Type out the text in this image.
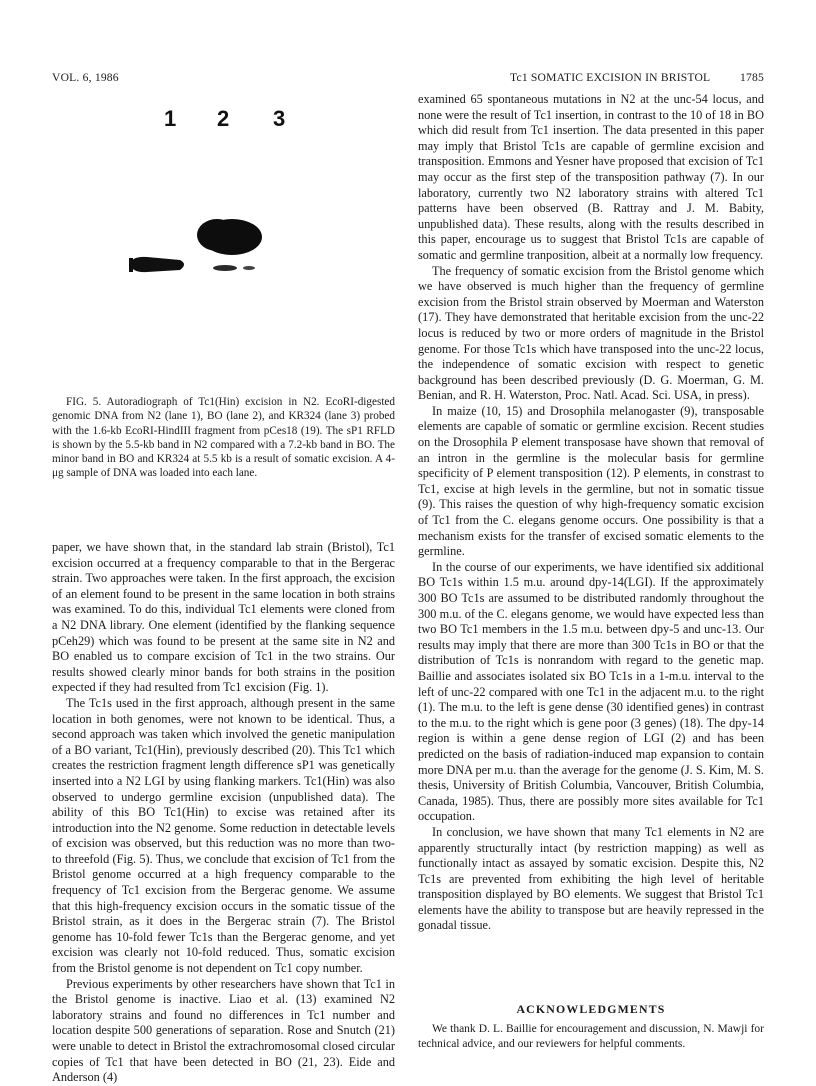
VOL. 6, 1986	Tc1 SOMATIC EXCISION IN BRISTOL	1785
1 2 3
FIG. 5. Autoradiograph of Tc1(Hin) excision in N2. EcoRI-digested genomic DNA from N2 (lane 1), BO (lane 2), and KR324 (lane 3) probed with the 1.6-kb EcoRI-HindIII fragment from pCes18 (19). The sP1 RFLD is shown by the 5.5-kb band in N2 compared with a 7.2-kb band in BO. The minor band in BO and KR324 at 5.5 kb is a result of somatic excision. A 4-μg sample of DNA was loaded into each lane.

paper, we have shown that, in the standard lab strain (Bristol), Tc1 excision occurred at a frequency comparable to that in the Bergerac strain. Two approaches were taken. In the first approach, the excision of an element found to be present in the same location in both strains was examined. To do this, individual Tc1 elements were cloned from a N2 DNA library. One element (identified by the flanking sequence pCeh29) which was found to be present at the same site in N2 and BO enabled us to compare excision of Tc1 in the two strains. Our results showed clearly minor bands for both strains in the position expected if they had resulted from Tc1 excision (Fig. 1).

The Tc1s used in the first approach, although present in the same location in both genomes, were not known to be identical. Thus, a second approach was taken which involved the genetic manipulation of a BO variant, Tc1(Hin), previously described (20). This Tc1 which creates the restriction fragment length difference sP1 was genetically inserted into a N2 LGI by using flanking markers. Tc1(Hin) was also observed to undergo germline excision (unpublished data). The ability of this BO Tc1(Hin) to excise was retained after its introduction into the N2 genome. Some reduction in detectable levels of excision was observed, but this reduction was no more than two- to threefold (Fig. 5). Thus, we conclude that excision of Tc1 from the Bristol genome occurred at a high frequency comparable to the frequency of Tc1 excision from the Bergerac genome. We assume that this high-frequency excision occurs in the somatic tissue of the Bristol strain, as it does in the Bergerac strain (7). The Bristol genome has 10-fold fewer Tc1s than the Bergerac genome, and yet excision was clearly not 10-fold reduced. Thus, somatic excision from the Bristol genome is not dependent on Tc1 copy number.

Previous experiments by other researchers have shown that Tc1 in the Bristol genome is inactive. Liao et al. (13) examined N2 laboratory strains and found no differences in Tc1 number and location despite 500 generations of separation. Rose and Snutch (21) were unable to detect in Bristol the extrachromosomal closed circular copies of Tc1 that have been detected in BO (21, 23). Eide and Anderson (4)

examined 65 spontaneous mutations in N2 at the unc-54 locus, and none were the result of Tc1 insertion, in contrast to the 10 of 18 in BO which did result from Tc1 insertion. The data presented in this paper may imply that Bristol Tc1s are capable of germline excision and transposition. Emmons and Yesner have proposed that excision of Tc1 may occur as the first step of the transposition pathway (7). In our laboratory, currently two N2 laboratory strains with altered Tc1 patterns have been observed (B. Rattray and J. M. Babity, unpublished data). These results, along with the results described in this paper, encourage us to suggest that Bristol Tc1s are capable of somatic and germline tranposition, albeit at a normally low frequency.

The frequency of somatic excision from the Bristol genome which we have observed is much higher than the frequency of germline excision from the Bristol strain observed by Moerman and Waterston (17). They have demonstrated that heritable excision from the unc-22 locus is reduced by two or more orders of magnitude in the Bristol genome. For those Tc1s which have transposed into the unc-22 locus, the independence of somatic excision with respect to genetic background has been described previously (D. G. Moerman, G. M. Benian, and R. H. Waterston, Proc. Natl. Acad. Sci. USA, in press).

In maize (10, 15) and Drosophila melanogaster (9), transposable elements are capable of somatic or germline excision. Recent studies on the Drosophila P element transposase have shown that removal of an intron in the germline is the molecular basis for germline specificity of P element transposition (12). P elements, in constrast to Tc1, excise at high levels in the germline, but not in somatic tissue (9). This raises the question of why high-frequency somatic excision of Tc1 from the C. elegans genome occurs. One possibility is that a mechanism exists for the transfer of excised somatic elements to the germline.

In the course of our experiments, we have identified six additional BO Tc1s within 1.5 m.u. around dpy-14(LGI). If the approximately 300 BO Tc1s are assumed to be distributed randomly throughout the 300 m.u. of the C. elegans genome, we would have expected less than two BO Tc1 members in the 1.5 m.u. between dpy-5 and unc-13. Our results may imply that there are more than 300 Tc1s in BO or that the distribution of Tc1s is nonrandom with regard to the genetic map. Baillie and associates isolated six BO Tc1s in a 1-m.u. interval to the left of unc-22 compared with one Tc1 in the adjacent m.u. to the right (1). The m.u. to the left is gene dense (30 identified genes) in contrast to the m.u. to the right which is gene poor (3 genes) (18). The dpy-14 region is within a gene dense region of LGI (2) and has been predicted on the basis of radiation-induced map expansion to contain more DNA per m.u. than the average for the genome (J. S. Kim, M. S. thesis, University of British Columbia, Vancouver, British Columbia, Canada, 1985). Thus, there are possibly more sites available for Tc1 occupation.

In conclusion, we have shown that many Tc1 elements in N2 are apparently structurally intact (by restriction mapping) as well as functionally intact as assayed by somatic excision. Despite this, N2 Tc1s are prevented from exhibiting the high level of heritable transposition displayed by BO elements. We suggest that Bristol Tc1 elements have the ability to transpose but are heavily repressed in the gonadal tissue.

ACKNOWLEDGMENTS
We thank D. L. Baillie for encouragement and discussion, N. Mawji for technical advice, and our reviewers for helpful comments.
